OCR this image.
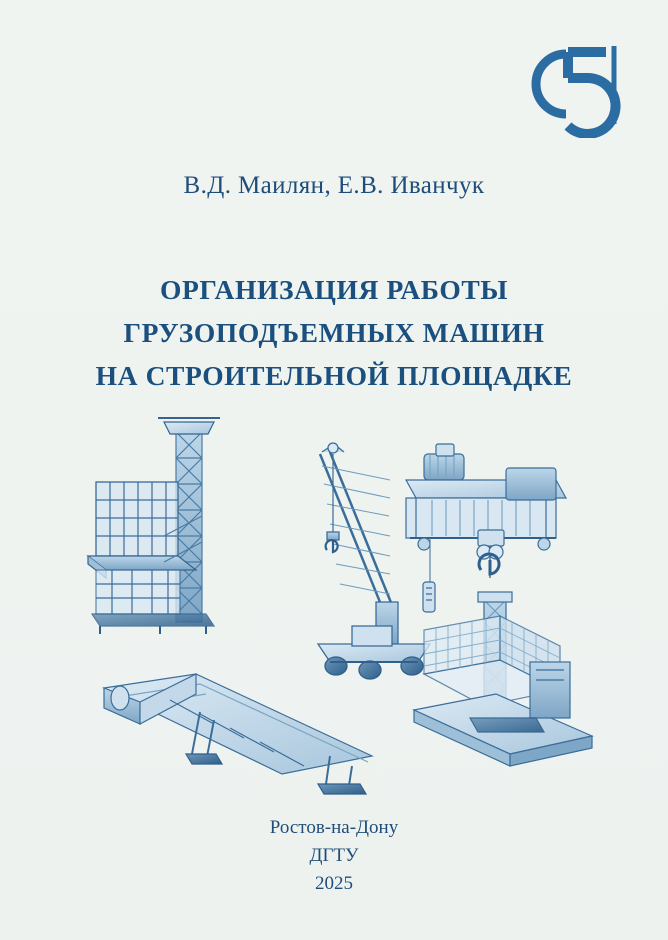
В.Д. Маилян, Е.В. Иванчук
ОРГАНИЗАЦИЯ РАБОТЫ
ГРУЗОПОДЪЕМНЫХ МАШИН
НА СТРОИТЕЛЬНОЙ ПЛОЩАДКЕ
Ростов-на-Дону
ДГТУ
2025
